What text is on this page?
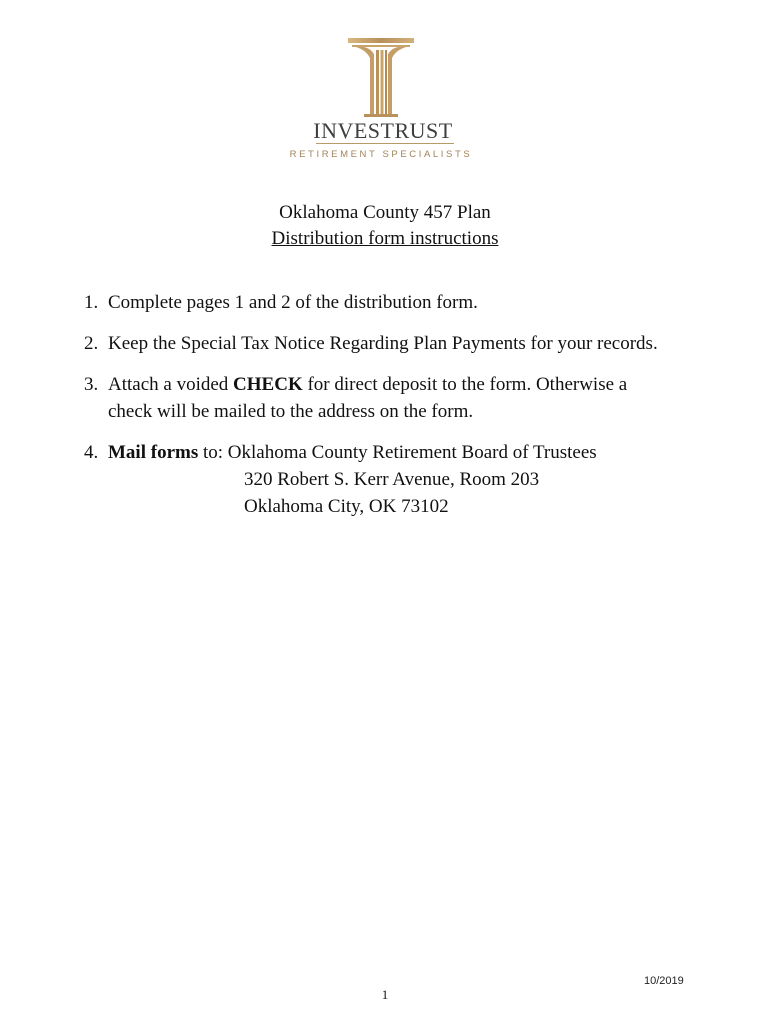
INVESTRUST
RETIREMENT SPECIALISTS
Oklahoma County 457 Plan
Distribution form instructions
1. Complete pages 1 and 2 of the distribution form.
2. Keep the Special Tax Notice Regarding Plan Payments for your records.
3. Attach a voided CHECK for direct deposit to the form. Otherwise a
check will be mailed to the address on the form.
4. Mail forms to: Oklahoma County Retirement Board of Trustees
320 Robert S. Kerr Avenue, Room 203
Oklahoma City, OK 73102
10/2019
1
